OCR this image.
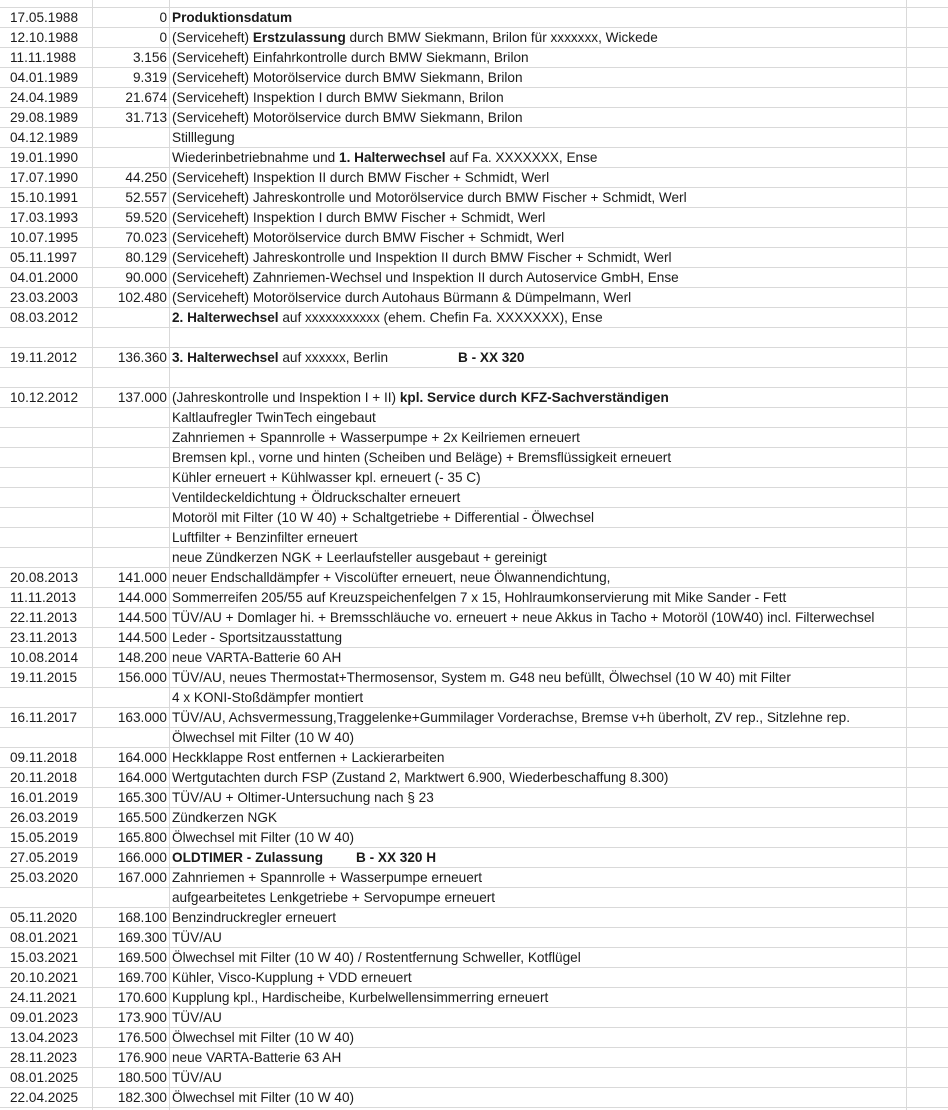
17.05.1988	0 Produktionsdatum
12.10.1988	0 (Serviceheft) Erstzulassung durch BMW Siekmann, Brilon für xxxxxxx, Wickede
11.11.1988	3.156 (Serviceheft) Einfahrkontrolle durch BMW Siekmann, Brilon
04.01.1989	9.319 (Serviceheft) Motorölservice durch BMW Siekmann, Brilon
24.04.1989	21.674 (Serviceheft) Inspektion I durch BMW Siekmann, Brilon
29.08.1989	31.713 (Serviceheft) Motorölservice durch BMW Siekmann, Brilon
04.12.1989	Stilllegung
19.01.1990	Wiederinbetriebnahme und 1. Halterwechsel auf Fa. XXXXXXX, Ense
17.07.1990	44.250 (Serviceheft) Inspektion II durch BMW Fischer + Schmidt, Werl
15.10.1991	52.557 (Serviceheft) Jahreskontrolle und Motorölservice durch BMW Fischer + Schmidt, Werl
17.03.1993	59.520 (Serviceheft) Inspektion I durch BMW Fischer + Schmidt, Werl
10.07.1995	70.023 (Serviceheft) Motorölservice durch BMW Fischer + Schmidt, Werl
05.11.1997	80.129 (Serviceheft) Jahreskontrolle und Inspektion II durch BMW Fischer + Schmidt, Werl
04.01.2000	90.000 (Serviceheft) Zahnriemen-Wechsel und Inspektion II durch Autoservice GmbH, Ense
23.03.2003	102.480 (Serviceheft) Motorölservice durch Autohaus Bürmann & Dümpelmann, Werl
08.03.2012	2. Halterwechsel auf xxxxxxxxxxx (ehem. Chefin Fa. XXXXXXX), Ense
19.11.2012	136.360 3. Halterwechsel auf xxxxxx, Berlin	B - XX 320
10.12.2012	137.000 (Jahreskontrolle und Inspektion I + II) kpl. Service durch KFZ-Sachverständigen
Kaltlaufregler TwinTech eingebaut
Zahnriemen + Spannrolle + Wasserpumpe + 2x Keilriemen erneuert
Bremsen kpl., vorne und hinten (Scheiben und Beläge) + Bremsflüssigkeit erneuert
Kühler erneuert + Kühlwasser kpl. erneuert (- 35 C)
Ventildeckeldichtung + Öldruckschalter erneuert
Motoröl mit Filter (10 W 40) + Schaltgetriebe + Differential - Ölwechsel
Luftfilter + Benzinfilter erneuert
neue Zündkerzen NGK + Leerlaufsteller ausgebaut + gereinigt
20.08.2013	141.000 neuer Endschalldämpfer + Viscolüfter erneuert, neue Ölwannendichtung,
11.11.2013	144.000 Sommerreifen 205/55 auf Kreuzspeichenfelgen 7 x 15, Hohlraumkonservierung mit Mike Sander - Fett
22.11.2013	144.500 TÜV/AU + Domlager hi. + Bremsschläuche vo. erneuert + neue Akkus in Tacho + Motoröl (10W40) incl. Filterwechsel
23.11.2013	144.500 Leder - Sportsitzausstattung
10.08.2014	148.200 neue VARTA-Batterie 60 AH
19.11.2015	156.000 TÜV/AU, neues Thermostat+Thermosensor, System m. G48 neu befüllt, Ölwechsel (10 W 40) mit Filter
4 x KONI-Stoßdämpfer montiert
16.11.2017	163.000 TÜV/AU, Achsvermessung,Traggelenke+Gummilager Vorderachse, Bremse v+h überholt, ZV rep., Sitzlehne rep.
Ölwechsel mit Filter (10 W 40)
09.11.2018	164.000 Heckklappe Rost entfernen + Lackierarbeiten
20.11.2018	164.000 Wertgutachten durch FSP (Zustand 2, Marktwert 6.900, Wiederbeschaffung 8.300)
16.01.2019	165.300 TÜV/AU + Oltimer-Untersuchung nach § 23
26.03.2019	165.500 Zündkerzen NGK
15.05.2019	165.800 Ölwechsel mit Filter (10 W 40)
27.05.2019	166.000 OLDTIMER - Zulassung B - XX 320 H
25.03.2020	167.000 Zahnriemen + Spannrolle + Wasserpumpe erneuert
aufgearbeitetes Lenkgetriebe + Servopumpe erneuert
05.11.2020	168.100 Benzindruckregler erneuert
08.01.2021	169.300 TÜV/AU
15.03.2021	169.500 Ölwechsel mit Filter (10 W 40) / Rostentfernung Schweller, Kotflügel
20.10.2021	169.700 Kühler, Visco-Kupplung + VDD erneuert
24.11.2021	170.600 Kupplung kpl., Hardischeibe, Kurbelwellensimmerring erneuert
09.01.2023	173.900 TÜV/AU
13.04.2023	176.500 Ölwechsel mit Filter (10 W 40)
28.11.2023	176.900 neue VARTA-Batterie 63 AH
08.01.2025	180.500 TÜV/AU
22.04.2025	182.300 Ölwechsel mit Filter (10 W 40)
